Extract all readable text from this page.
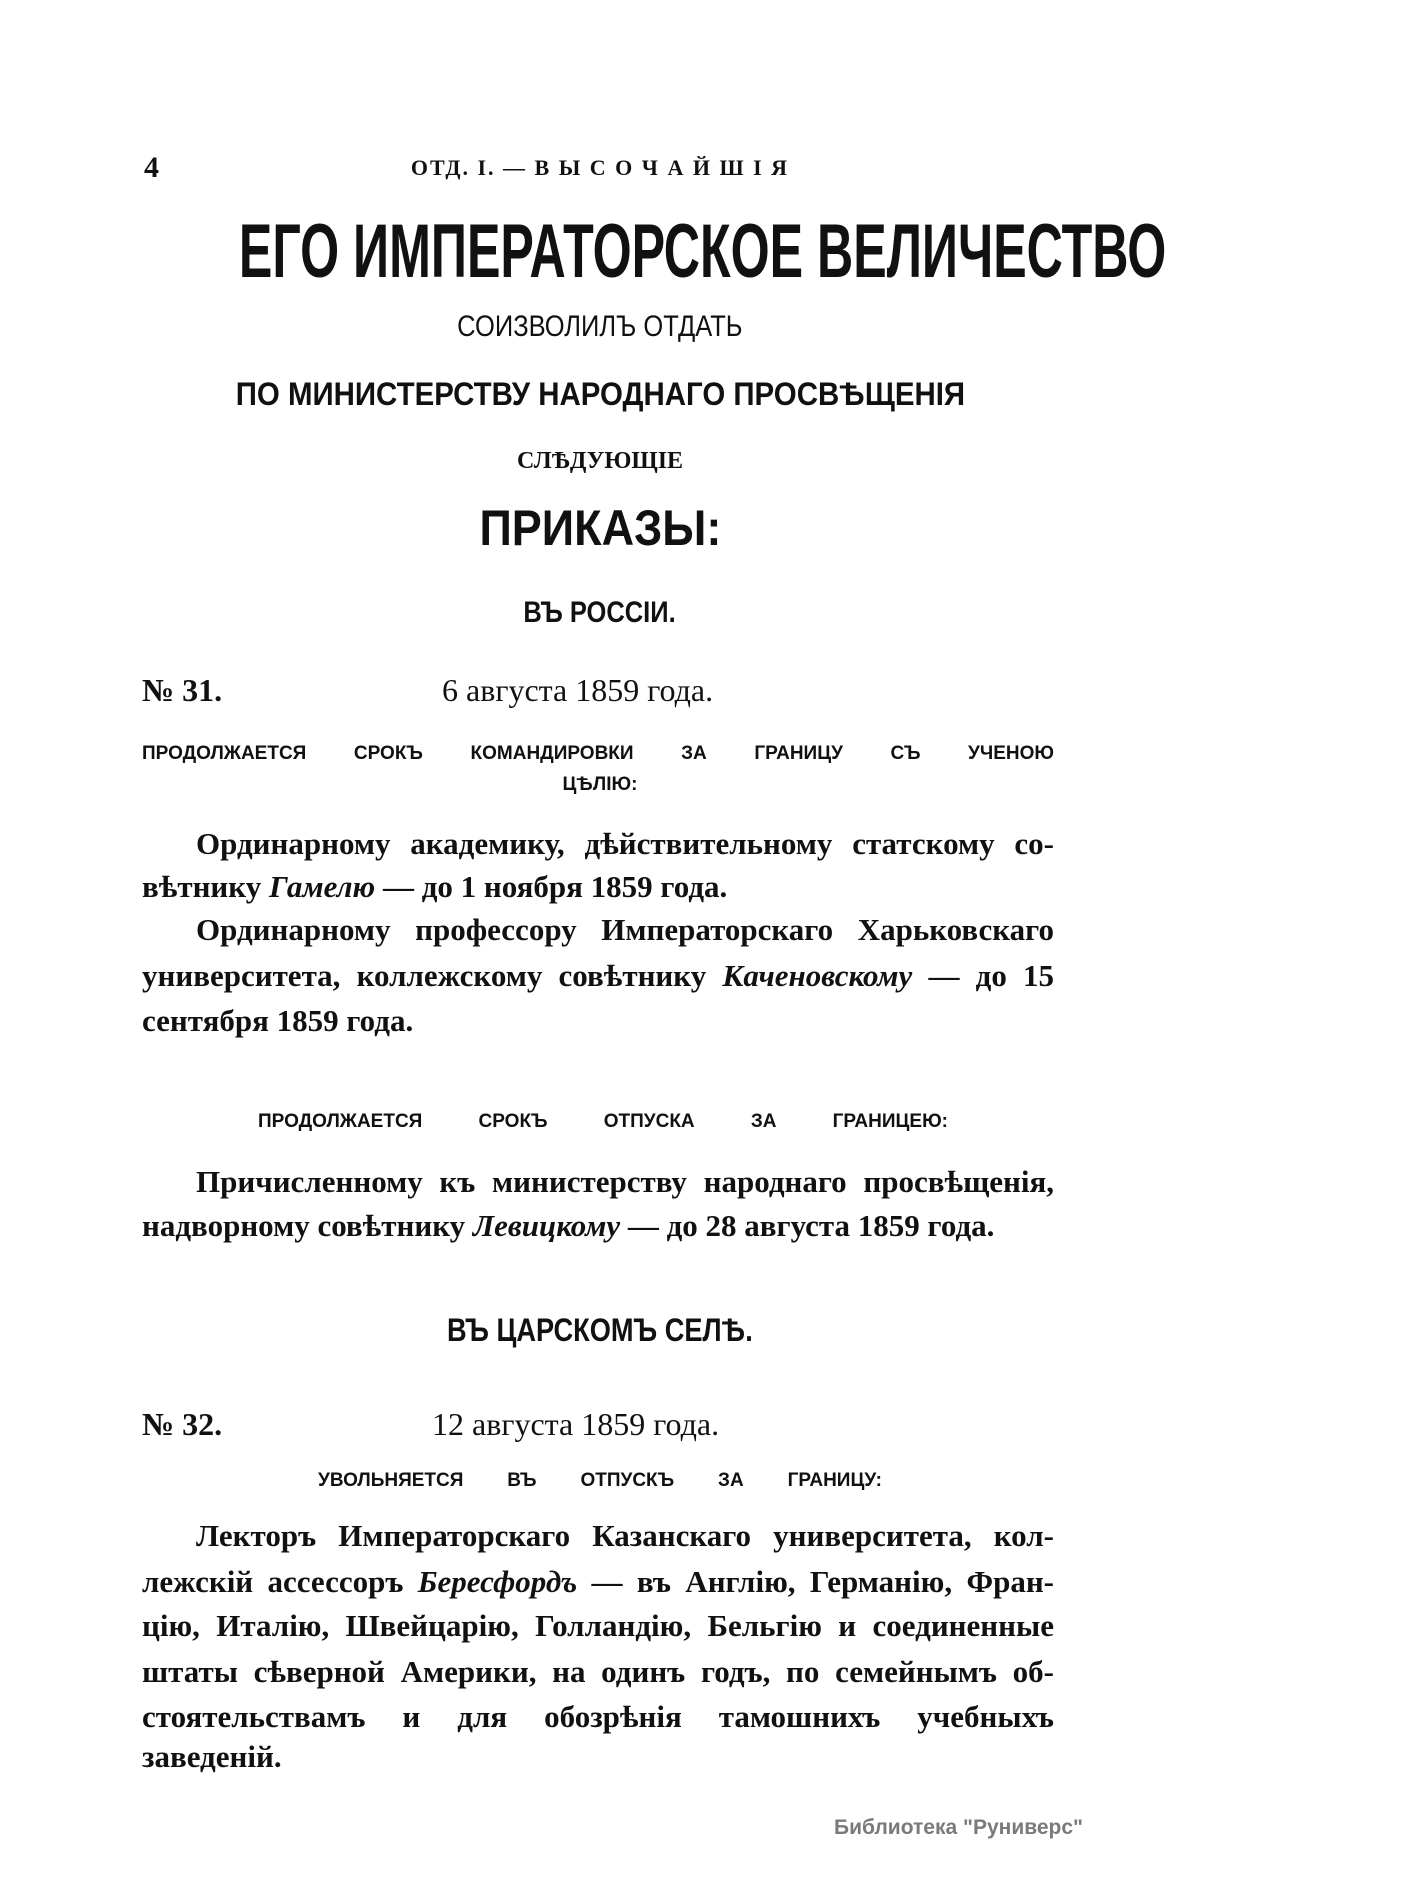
4	ОТД. I. — В Ы С О Ч А Й Ш І Я
ЕГО ИМПЕРАТОРСКОЕ ВЕЛИЧЕСТВО
СОИЗВОЛИЛЪ ОТДАТЬ
ПО МИНИСТЕРСТВУ НАРОДНАГО ПРОСВѢЩЕНІЯ
СЛѢДУЮЩІЕ
ПРИКАЗЫ:
ВЪ РОССІИ.
№ 31.	6 августа 1859 года.
ПРОДОЛЖАЕТСЯ СРОКЪ КОМАНДИРОВКИ ЗА ГРАНИЦУ СЪ УЧЕНОЮ
ЦѢЛІЮ:
Ординарному академику, дѣйствительному статскому со-
вѣтнику Гамелю — до 1 ноября 1859 года.
Ординарному профессору Императорскаго Харьковскаго
университета, коллежскому совѣтнику Каченовскому — до 15
сентября 1859 года.
ПРОДОЛЖАЕТСЯ СРОКЪ ОТПУСКА ЗА ГРАНИЦЕЮ:
Причисленному къ министерству народнаго просвѣщенія,
надворному совѣтнику Левицкому — до 28 августа 1859 года.
ВЪ ЦАРСКОМЪ СЕЛѢ.
№ 32.	12 августа 1859 года.
УВОЛЬНЯЕТСЯ ВЪ ОТПУСКЪ ЗА ГРАНИЦУ:
Лекторъ Императорскаго Казанскаго университета, кол-
лежскій ассессоръ Бересфордъ — въ Англію, Германію, Фран-
цію, Италію, Швейцарію, Голландію, Бельгію и соединенные
штаты сѣверной Америки, на одинъ годъ, по семейнымъ об-
стоятельствамъ и для обозрѣнія тамошнихъ учебныхъ заведеній.
Библиотека "Руниверс"
